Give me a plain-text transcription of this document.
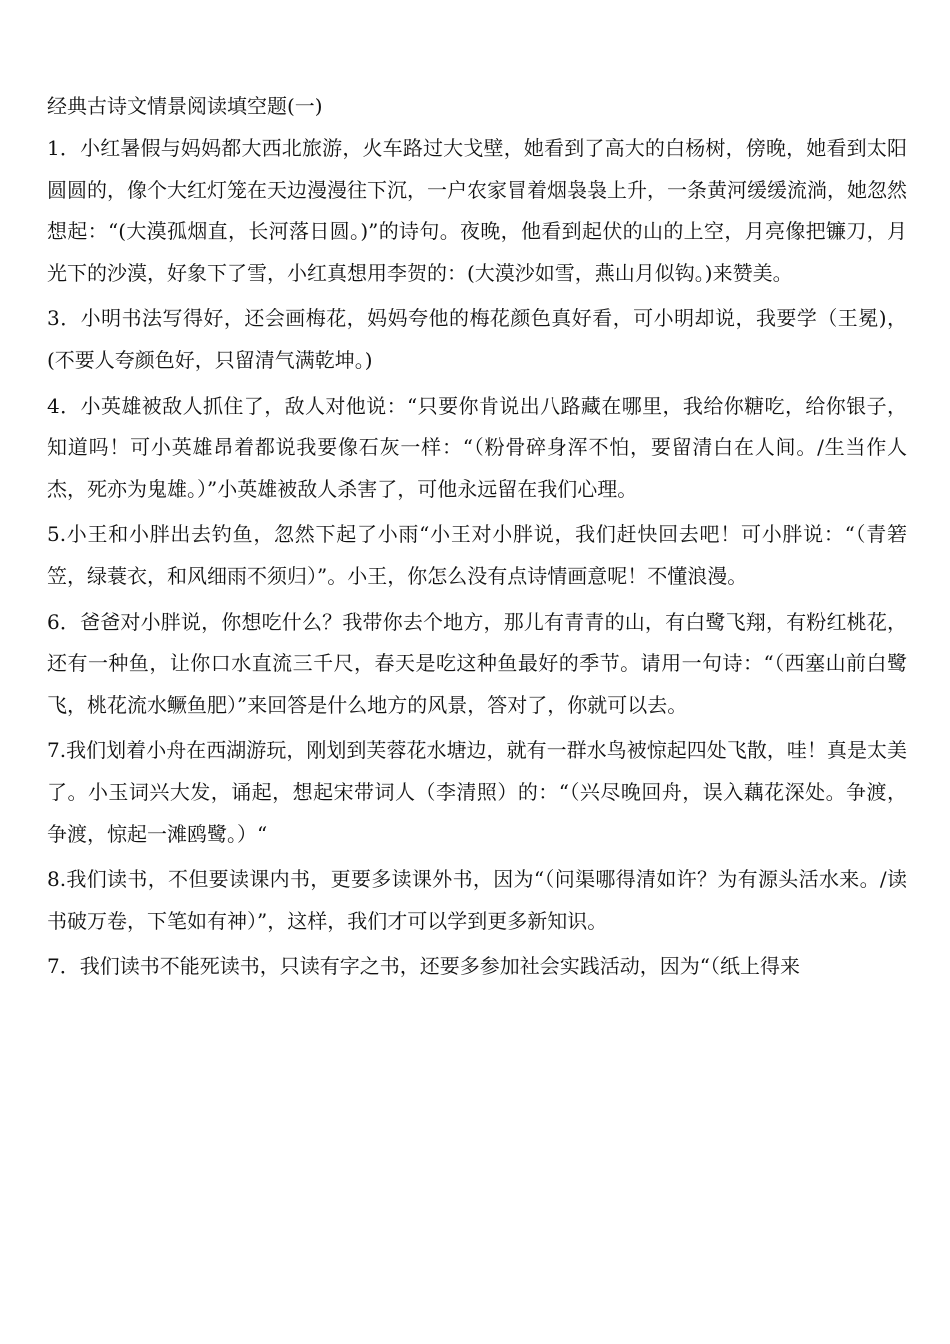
经典古诗文情景阅读填空题(一)

1．小红暑假与妈妈都大西北旅游，火车路过大戈壁，她看到了高大的白杨树，傍晚，她看到太阳圆圆的，像个大红灯笼在天边漫漫往下沉，一户农家冒着烟袅袅上升，一条黄河缓缓流淌，她忽然想起：“(大漠孤烟直，长河落日圆。)”的诗句。夜晚，他看到起伏的山的上空，月亮像把镰刀，月光下的沙漠，好象下了雪，小红真想用李贺的：(大漠沙如雪，燕山月似钩。)来赞美。

3．小明书法写得好，还会画梅花，妈妈夸他的梅花颜色真好看，可小明却说，我要学（王冕)，(不要人夸颜色好，只留清气满乾坤。)

4．小英雄被敌人抓住了，敌人对他说：“只要你肯说出八路藏在哪里，我给你糖吃，给你银子，知道吗！可小英雄昂着都说我要像石灰一样：“（粉骨碎身浑不怕，要留清白在人间。/生当作人杰，死亦为鬼雄。）”小英雄被敌人杀害了，可他永远留在我们心理。

5.小王和小胖出去钓鱼，忽然下起了小雨“小王对小胖说，我们赶快回去吧！可小胖说：“（青箬笠，绿蓑衣，和风细雨不须归）”。小王，你怎么没有点诗情画意呢！不懂浪漫。

6．爸爸对小胖说，你想吃什么？我带你去个地方，那儿有青青的山，有白鹭飞翔，有粉红桃花，还有一种鱼，让你口水直流三千尺，春天是吃这种鱼最好的季节。请用一句诗：“（西塞山前白鹭飞，桃花流水鳜鱼肥）”来回答是什么地方的风景，答对了，你就可以去。

7.我们划着小舟在西湖游玩，刚划到芙蓉花水塘边，就有一群水鸟被惊起四处飞散，哇！真是太美了。小玉词兴大发，诵起，想起宋带词人（李清照）的：“（兴尽晚回舟，误入藕花深处。争渡，争渡，惊起一滩鸥鹭。）“

8.我们读书，不但要读课内书，更要多读课外书，因为“（问渠哪得清如许？为有源头活水来。/读书破万卷，下笔如有神）”，这样，我们才可以学到更多新知识。

7．我们读书不能死读书，只读有字之书，还要多参加社会实践活动，因为“（纸上得来
